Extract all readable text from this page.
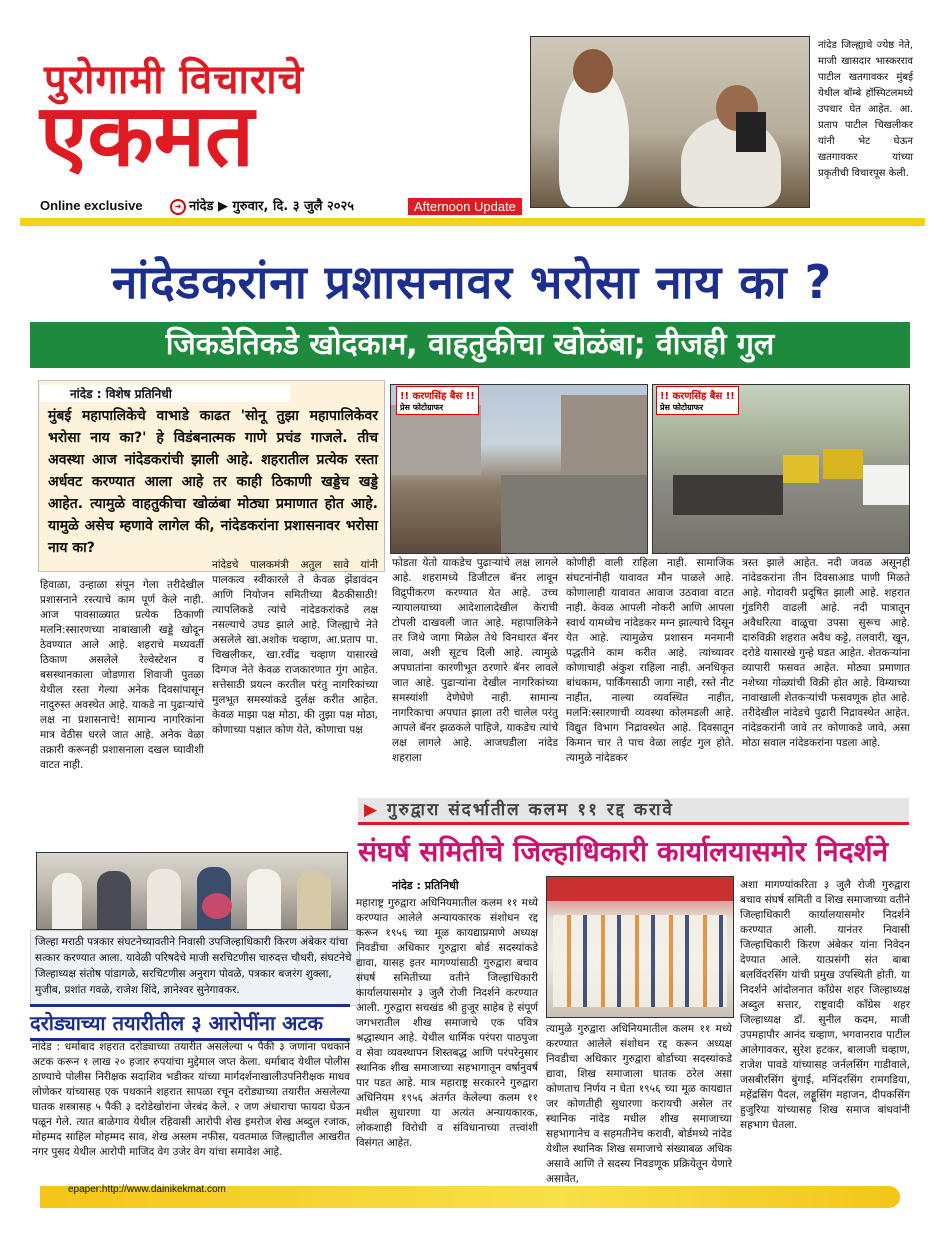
पुरोगामी विचाराचे
एकमत
Online exclusive	➜ नांदेड ▶ गुरुवार, दि. ३ जुलै २०२५	Afternoon Update
नांदेड जिल्ह्याचे ज्येष्ठ नेते, माजी खासदार भास्करराव पाटील खतगावकर मुंबई येथील बॉम्बे हॉस्पिटलमध्ये उपचार घेत आहेत. आ. प्रताप पाटील चिखलीकर यांनी भेट घेऊन खतगावकर यांच्या प्रकृतीची विचारपूस केली.
नांदेडकरांना प्रशासनावर भरोसा नाय का ?
जिकडेतिकडे खोदकाम, वाहतुकीचा खोळंबा; वीजही गुल
नांदेड : विशेष प्रतिनिधी
मुंबई महापालिकेचे वाभाडे काढत 'सोनू तुझा महापालिकेवर भरोसा नाय का?' हे विडंबनात्मक गाणे प्रचंड गाजले. तीच अवस्था आज नांदेडकरांची झाली आहे. शहरातील प्रत्येक रस्ता अर्धवट करण्यात आला आहे तर काही ठिकाणी खड्डेच खड्डे आहेत. त्यामुळे वाहतुकीचा खोळंबा मोठ्या प्रमाणात होत आहे. यामुळे असेच म्हणावे लागेल की, नांदेडकरांना प्रशासनावर भरोसा नाय का?
!! करणसिंह बैस !!
प्रेस फोटोग्राफर
!! करणसिंह बैस !!
प्रेस फोटोग्राफर
हिवाळा, उन्हाळा संपून गेला तरीदेखील प्रशासनाने रस्त्याचे काम पूर्ण केले नाही. आज पावसाळ्यात प्रत्येक ठिकाणी मलनि:स्सारणच्या नाबाखाली खड्डे खोदून ठेवण्यात आले आहे. शहराचे मध्यवर्ती ठिकाण असलेले रेल्वेस्टेशन व बसस्थानकाला जोडणारा शिवाजी पुतळा येथील रस्ता गेल्या अनेक दिवसांपासून नादुरुस्त अवस्थेत आहे. याकडे ना पुढाऱ्यांचे लक्ष ना प्रशासनाचे! सामान्य नागरिकांना मात्र वेठीस धरले जात आहे. अनेक वेळा तक्रारी करूनही प्रशासनाला दखल घ्यावीशी वाटत नाही.
नांदेडचे पालकमंत्री अतुल सावे यांनी पालकत्व स्वीकारले ते केवळ झेंडावंदन आणि नियोजन समितीच्या बैठकीसाठी! त्यापलिकडे त्यांचे नांदेडकरांकडे लक्ष नसल्याचे उघड झाले आहे. जिल्ह्याचे नेते असलेले खा.अशोक चव्हाण, आ.प्रताप पा. चिखलीकर, खा.रवींद्र चव्हाण यासारखे दिग्गज नेते केवळ राजकारणात गुंग आहेत. सत्तेसाठी प्रयत्न करतील परंतु नागरिकांच्या मुलभूत समस्यांकडे दुर्लक्ष करीत आहेत. केवळ माझा पक्ष मोठा, की तुझा पक्ष मोठा, कोणाच्या पक्षात कोण येते, कोणाचा पक्ष
फोडता येतो याकडेच पुढाऱ्यांचे लक्ष लागले आहे. शहरामध्ये डिजीटल बॅनर लावून विद्रुपीकरण करण्यात येत आहे. उच्च न्यायालयाच्या आदेशालादेखील केराची टोपली दाखवली जात आहे. महापालिकेने तर जिथे जागा मिळेल तेथे विनधारत बॅनर लावा, अशी सूटच दिली आहे. त्यामुळे अपघातांना कारणीभूत ठरणारे बॅनर लावले जात आहे. पुढाऱ्यांना देखील नागरिकांच्या समस्यांशी देणेघेणे नाही. सामान्य नागरिकाचा अपघात झाला तरी चालेल परंतु आपले बॅनर झळकले पाहिजे, याकडेच त्यांचे लक्ष लागले आहे. आजघडीला नांदेड शहराला
कोणीही वाली राहिला नाही. सामाजिक संघटनांनीही यावावत मौन पाळले आहे. कोणालाही यावावत आवाज उठवावा वाटत नाही. केवळ आपली नोकरी आणि आपला स्वार्थ यामध्येच नांदेडकर मग्न झाल्याचे दिसून येत आहे. त्यामुळेच प्रशासन मनमानी पद्धतीने काम करीत आहे. त्यांच्यावर कोणाचाही अंकुश राहिला नाही. अनधिकृत बांधकाम, पार्किंगसाठी जागा नाही, रस्ते नीट नाहीत, नाल्या व्यवस्थित नाहीत, मलनि:स्सारणाची व्यवस्था कोलमडली आहे. विद्युत विभाग निद्रावस्थेत आहे. दिवसातून किमान चार ते पाच वेळा लाईट गुल होते. त्यामुळे नांदेडकर
त्रस्त झाले आहेत. नदी जवळ असूनही नांदेडकरांना तीन दिवसाआड पाणी मिळते आहे. गोदावरी प्रदूषित झाली आहे. शहरात गुंडगिरी वाढली आहे. नदी पात्रातून अवैधरित्या वाळूचा उपसा सुरूच आहे. दारुविक्री शहरात अवैध कट्टे, तलवारी, खून, दरोडे यासारखे गुन्हे घडत आहेत. शेतकऱ्यांना व्यापारी फसवत आहेत. मोठ्या प्रमाणात नशेच्या गोळ्यांची विक्री होत आहे. विम्याच्या नावाखाली शेतकऱ्यांची फसवणूक होत आहे. तरीदेखील नांदेडचे पुढारी निद्रावस्थेत आहेत. नांदेडकरांनी जावे तर कोणाकडे जावे, असा मोठा सवाल नांदेडकरांना पडला आहे.
जिल्हा मराठी पत्रकार संघटनेच्यावतीने निवासी उपजिल्हाधिकारी किरण अंबेकर यांचा सत्कार करण्यात आला. यावेळी परिषदेचे माजी सरचिटणीस चारुदत्त चौधरी, संघटनेचे जिल्हाध्यक्ष संतोष पांडागळे, सरचिटणीस अनुराग पोवळे, पत्रकार बजरंग शुक्ला, मुजीब, प्रशांत गवळे, राजेश शिंदे, ज्ञानेश्वर सुनेगावकर.
दरोड्याच्या तयारीतील ३ आरोपींना अटक
नांदेड : धर्माबाद शहरात दरोड्याच्या तयारीत असलेल्या ५ पैकी ३ जणांना पथकाने अटक करून १ लाख २० हजार रुपयांचा मुद्देमाल जप्त केला. धर्माबाद येथील पोलीस ठाण्याचे पोलीस निरीक्षक सदाशिव भडीकर यांच्या मार्गदर्शनाखालीउपनिरीक्षक माधव लोणेकर यांच्यासह एक पथकाने शहरात सापळा रचून दरोड्याच्या तयारीत असलेल्या घातक शस्त्रासह ५ पैकी ३ दरोडेखोरांना जेरबंद केले. २ जण अंधाराचा फायदा घेऊन पळून गेले. त्यात बाळेगाव येथील रहिवासी आरोपी शेख इमरोज शेख अब्दुल रजाक, मोहम्मद साहिल मोहम्मद साव, शेख अस्लम नफीस, यवतमाळ जिल्ह्यातील आखरीत नगर पुसद येथील आरोपी माजिद वेग उजेर वेग यांचा समावेश आहे.
▶ गुरुद्वारा संदर्भातील कलम ११ रद्द करावे
संघर्ष समितीचे जिल्हाधिकारी कार्यालयासमोर निदर्शने
नांदेड : प्रतिनिधी
महाराष्ट्र गुरुद्वारा अधिनियमातील कलम ११ मध्ये करण्यात आलेले अन्यायकारक संशोधन रद्द करून १९५६ च्या मूळ कायद्याप्रमाणे अध्यक्ष निवडीचा अधिकार गुरुद्वारा बोर्ड सदस्यांकडे द्यावा, यासह इतर मागण्यांसाठी गुरुद्वारा बचाव संघर्ष समितीच्या वतीने जिल्हाधिकारी कार्यालयासमोर ३ जुलै रोजी निदर्शने करण्यात आली. गुरुद्वारा सचखंड श्री हुजूर साहेब हे संपूर्ण जगभरातील शीख समाजाचे एक पवित्र श्रद्धास्थान आहे. येथील धार्मिक परंपरा पाठपुजा व सेवा व्यवस्थापन शिस्तबद्ध आणि परंपरेनुसार स्थानिक शीख समाजाच्या सहभागातून वर्षानुवर्ष पार पडत आहे. मात्र महाराष्ट्र सरकारने गुरुद्वारा अधिनियम १९५६ अंतर्गत केलेल्या कलम ११ मधील सुधारणा या अत्यंत अन्यायकारक, लोकशाही विरोधी व संविधानाच्या तत्त्वांशी विसंगत आहेत.
त्यामुळे गुरुद्वारा अधिनियमातील कलम ११ मध्ये करण्यात आलेले संशोधन रद्द करून अध्यक्ष निवडीचा अधिकार गुरुद्वारा बोर्डाच्या सदस्यांकडे द्यावा, शिख समाजाला घातक ठरेल असा कोणताच निर्णय न घेता १९५६ च्या मूळ कायद्यात जर कोणतीही सुधारणा करायची असेल तर स्थानिक नांदेड मधील शीख समाजाच्या सहभागानेच व सहमतीनेच करावी, बोर्डमध्ये नांदेड येथील स्थानिक शिख समाजाचे संख्याबळ अधिक असावे आणि ते सदस्य निवडणूक प्रक्रियेतून येणारे असावेत,
अशा मागण्यांकरिता ३ जुलै रोजी गुरुद्वारा बचाव संघर्ष समिती व शिख समाजाच्या वतीने जिल्हाधिकारी कार्यालयासमोर निदर्शने करण्यात आली. यानंतर निवासी जिल्हाधिकारी किरण अंबेकर यांना निवेदन देण्यात आले. यात्प्रसंगी संत बाबा बलविंदरसिंग यांची प्रमुख उपस्थिती होती. या निदर्शने आंदोलनात काँग्रेस शहर जिल्हाध्यक्ष अब्दुल सत्तार, राष्ट्रवादी काँग्रेस शहर जिल्हाध्यक्ष डॉ. सुनील कदम, माजी उपमहापौर आनंद चव्हाण, भगवानराव पाटील आलेगावकर, सुरेश हटकर, बालाजी चव्हाण, राजेश पावडे यांच्यासह जर्नलसिंग गाडीवाले, जसबीरसिंग बुंगाई, मनिंदरसिंग रामगडिया, महेंद्रसिंग पैदल, लड्डूसिंग महाजन, दीपकसिंग हुजुरिया यांच्यासह शिख समाज बांधवांनी सहभाग घेतला.
epaper:http://www.dainikekmat.com
